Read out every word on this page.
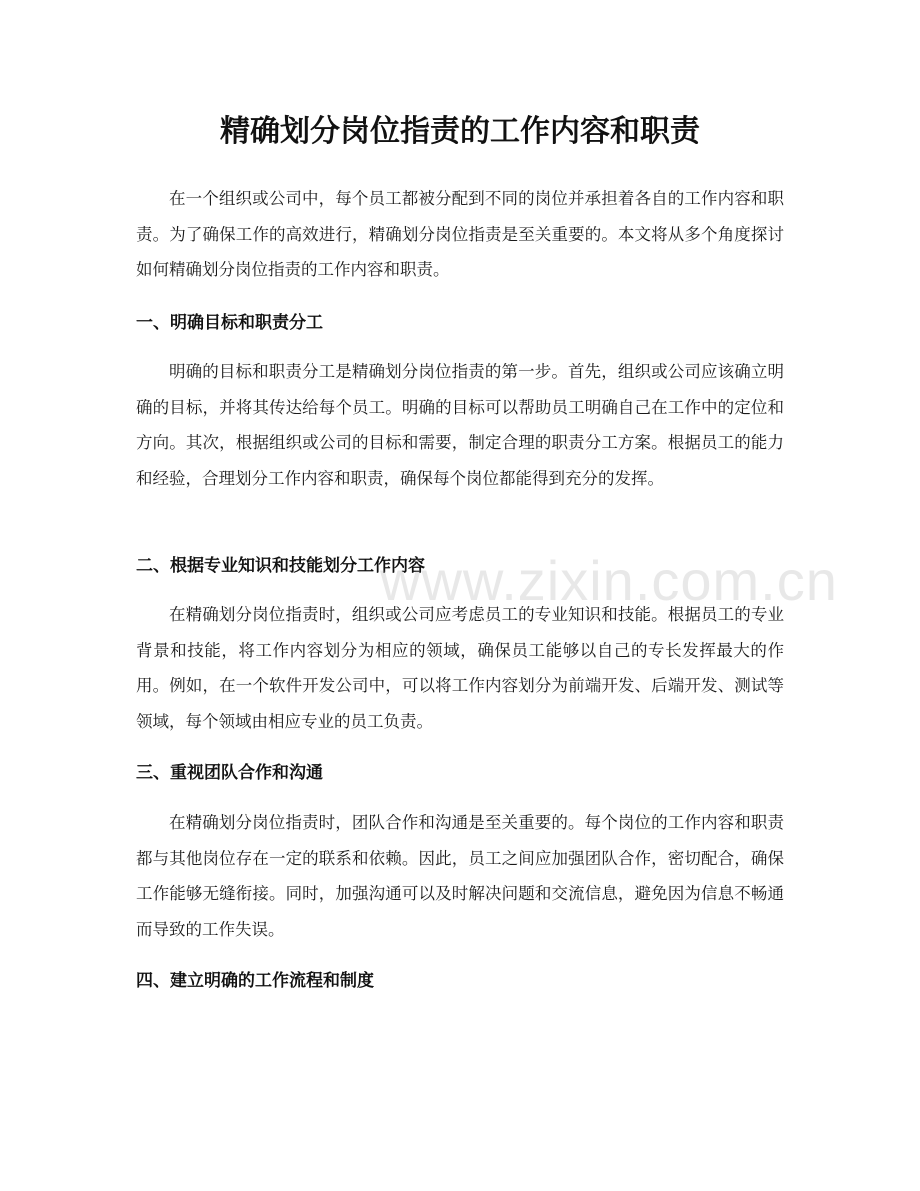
精确划分岗位指责的工作内容和职责

在一个组织或公司中，每个员工都被分配到不同的岗位并承担着各自的工作内容和职责。为了确保工作的高效进行，精确划分岗位指责是至关重要的。本文将从多个角度探讨如何精确划分岗位指责的工作内容和职责。

一、明确目标和职责分工

明确的目标和职责分工是精确划分岗位指责的第一步。首先，组织或公司应该确立明确的目标，并将其传达给每个员工。明确的目标可以帮助员工明确自己在工作中的定位和方向。其次，根据组织或公司的目标和需要，制定合理的职责分工方案。根据员工的能力和经验，合理划分工作内容和职责，确保每个岗位都能得到充分的发挥。

二、根据专业知识和技能划分工作内容

在精确划分岗位指责时，组织或公司应考虑员工的专业知识和技能。根据员工的专业背景和技能，将工作内容划分为相应的领域，确保员工能够以自己的专长发挥最大的作用。例如，在一个软件开发公司中，可以将工作内容划分为前端开发、后端开发、测试等领域，每个领域由相应专业的员工负责。

三、重视团队合作和沟通

在精确划分岗位指责时，团队合作和沟通是至关重要的。每个岗位的工作内容和职责都与其他岗位存在一定的联系和依赖。因此，员工之间应加强团队合作，密切配合，确保工作能够无缝衔接。同时，加强沟通可以及时解决问题和交流信息，避免因为信息不畅通而导致的工作失误。

四、建立明确的工作流程和制度
www.zixin.com.cn
